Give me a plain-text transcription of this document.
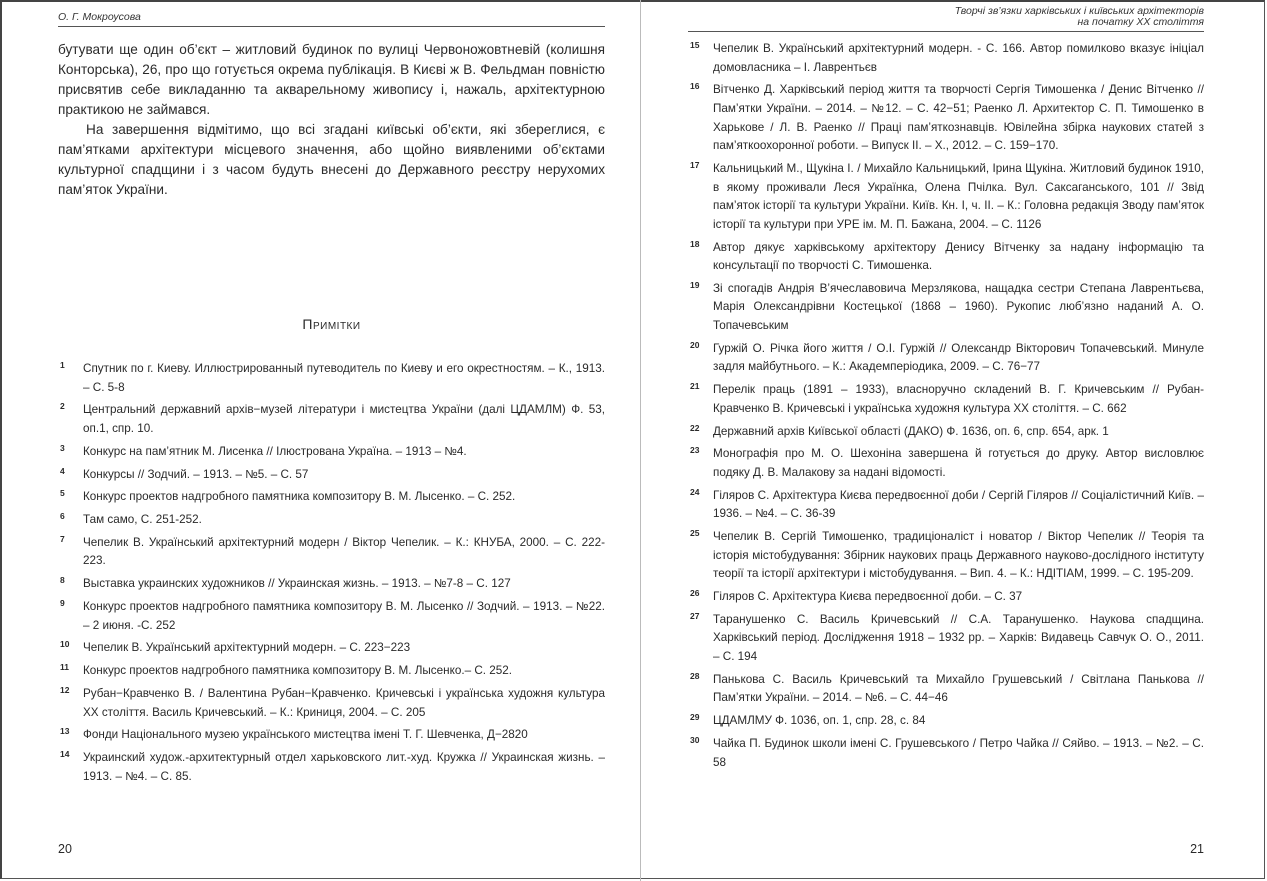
О. Г. Мокроусова

бутувати ще один об’єкт – житловий будинок по вулиці Червоножовтневій (колишня Конторська), 26, про що готується окрема публікація. В Києві ж В. Фельдман повністю присвятив себе викладанню та акварельному живопису і, нажаль, архітектурною практикою не займався.

На завершення відмітимо, що всі згадані київські об’єкти, які збереглися, є пам’ятками архітектури місцевого значення, або щойно виявленими об’єктами культурної спадщини і з часом будуть внесені до Державного реєстру нерухомих пам’яток України.

Примітки
1 Спутник по г. Киеву. Иллюстрированный путеводитель по Киеву и его окрестностям. – К., 1913. – С. 5-8
2 Центральний державний архів−музей літератури і мистецтва України (далі ЦДАМЛМ) Ф. 53, оп.1, спр. 10.
3 Конкурс на пам’ятник М. Лисенка // Ілюстрована Україна. – 1913 – №4.
4 Конкурсы // Зодчий. – 1913. – №5. – С. 57
5 Конкурс проектов надгробного памятника композитору В. М. Лысенко. – С. 252.
6 Там само, С. 251-252.
7 Чепелик В. Український архітектурний модерн / Віктор Чепелик. – К.: КНУБА, 2000. – С. 222-223.
8 Выставка украинских художников // Украинская жизнь. – 1913. – №7-8 – С. 127
9 Конкурс проектов надгробного памятника композитору В. М. Лысенко // Зодчий. – 1913. – №22. – 2 июня. -С. 252
10 Чепелик В. Український архітектурний модерн. – С. 223−223
11 Конкурс проектов надгробного памятника композитору В. М. Лысенко.– С. 252.
12 Рубан−Кравченко В. / Валентина Рубан−Кравченко. Кричевські і українська художня культура ХХ століття. Василь Кричевський. – К.: Криниця, 2004. – С. 205
13 Фонди Національного музею українського мистецтва імені Т. Г. Шевченка, Д−2820
14 Украинский худож.-архитектурный отдел харьковского лит.-худ. Кружка // Украинская жизнь. – 1913. – №4. – С. 85.
20
Творчі зв’язки харківських і київських архітекторів
на початку ХХ століття
15 Чепелик В. Український архітектурний модерн. - С. 166. Автор помилково вказує ініціал домовласника – І. Лаврентьєв
16 Вітченко Д. Харківський період життя та творчості Сергія Тимошенка / Денис Вітченко // Пам’ятки України. – 2014. – №12. – С. 42−51; Раенко Л. Архитектор С. П. Тимошенко в Харькове / Л. В. Раенко // Праці пам’яткознавців. Ювілейна збірка наукових статей з пам’яткоохоронної роботи. – Випуск ІІ. – Х., 2012. – С. 159−170.
17 Кальницький М., Щукіна І. / Михайло Кальницький, Ірина Щукіна. Житловий будинок 1910, в якому проживали Леся Українка, Олена Пчілка. Вул. Саксаганського, 101 // Звід пам’яток історії та культури України. Київ. Кн. І, ч. ІІ. – К.: Головна редакція Зводу пам’яток історії та культури при УРЕ ім. М. П. Бажана, 2004. – С. 1126
18 Автор дякує харківському архітектору Денису Вітченку за надану інформацію та консультації по творчості С. Тимошенка.
19 Зі спогадів Андрія В’ячеславовича Мерзлякова, нащадка сестри Степана Лаврентьєва, Марія Олександрівни Костецької (1868 – 1960). Рукопис люб’язно наданий А. О. Топачевським
20 Гуржій О. Річка його життя / О.І. Гуржій // Олександр Вікторович Топачевський. Минуле задля майбутнього. – К.: Академперіодика, 2009. – С. 76−77
21 Перелік праць (1891 – 1933), власноручно складений В. Г. Кричевським // Рубан-Кравченко В. Кричевські і українська художня культура ХХ століття. – С. 662
22 Державний архів Київської області (ДАКО) Ф. 1636, оп. 6, спр. 654, арк. 1
23 Монографія про М. О. Шехоніна завершена й готується до друку. Автор висловлює подяку Д. В. Малакову за надані відомості.
24 Гіляров С. Архітектура Києва передвоєнної доби / Сергій Гіляров // Соціалістичний Київ. – 1936. – №4. – С. 36-39
25 Чепелик В. Сергій Тимошенко, традиціоналіст і новатор / Віктор Чепелик // Теорія та історія містобудування: Збірник наукових праць Державного науково-дослідного інституту теорії та історії архітектури і містобудування. – Вип. 4. – К.: НДІТІАМ, 1999. – С. 195-209.
26 Гіляров С. Архітектура Києва передвоєнної доби. – С. 37
27 Таранушенко С. Василь Кричевський // С.А. Таранушенко. Наукова спадщина. Харківський період. Дослідження 1918 – 1932 рр. – Харків: Видавець Савчук О. О., 2011. – С. 194
28 Панькова С. Василь Кричевський та Михайло Грушевський / Світлана Панькова // Пам’ятки України. – 2014. – №6. – С. 44−46
29 ЦДАМЛМУ Ф. 1036, оп. 1, спр. 28, с. 84
30 Чайка П. Будинок школи імені С. Грушевського / Петро Чайка // Сяйво. – 1913. – №2. – С. 58
21
